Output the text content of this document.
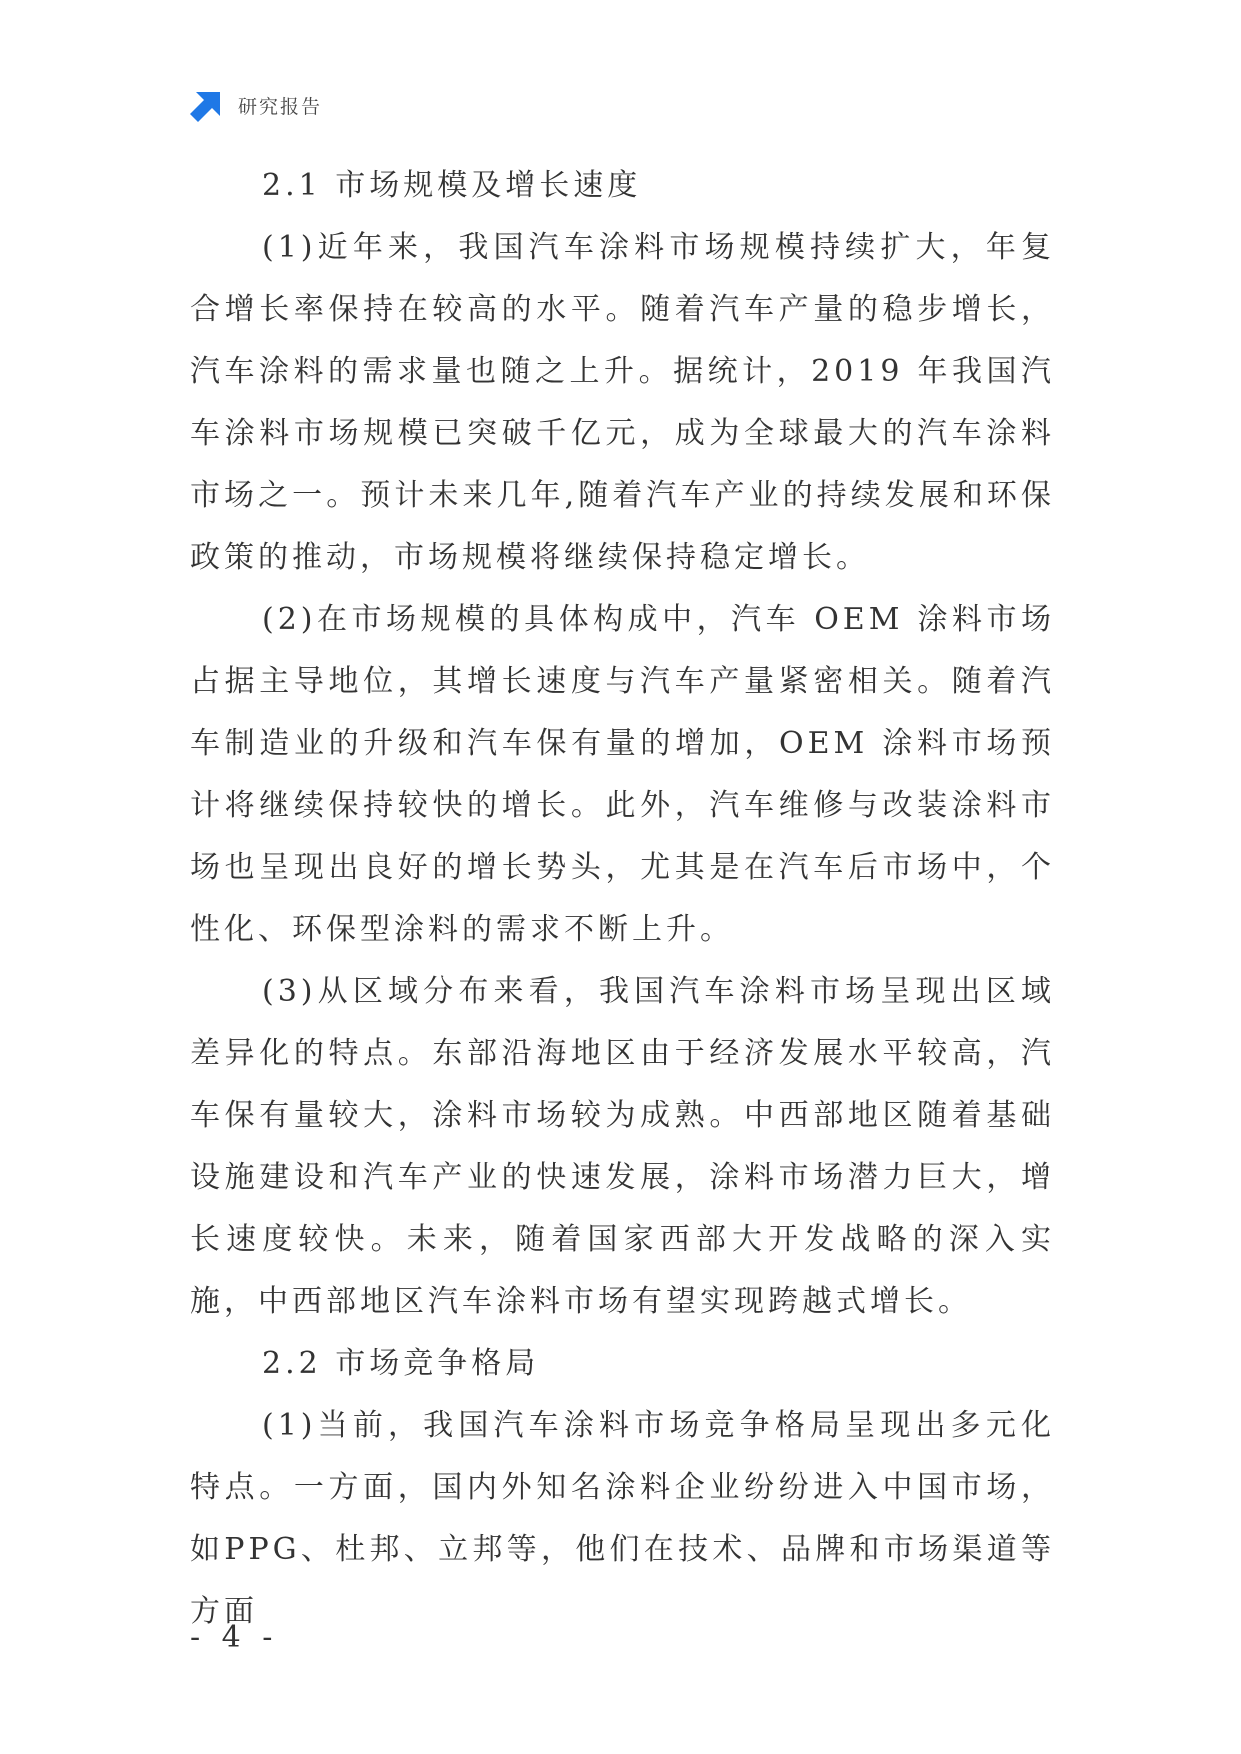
研究报告
2.1 市场规模及增长速度

(1)近年来，我国汽车涂料市场规模持续扩大，年复合增长率保持在较高的水平。随着汽车产量的稳步增长，汽车涂料的需求量也随之上升。据统计，2019 年我国汽车涂料市场规模已突破千亿元，成为全球最大的汽车涂料市场之一。预计未来几年,随着汽车产业的持续发展和环保政策的推动，市场规模将继续保持稳定增长。

(2)在市场规模的具体构成中，汽车 OEM 涂料市场占据主导地位，其增长速度与汽车产量紧密相关。随着汽车制造业的升级和汽车保有量的增加，OEM 涂料市场预计将继续保持较快的增长。此外，汽车维修与改装涂料市场也呈现出良好的增长势头，尤其是在汽车后市场中，个性化、环保型涂料的需求不断上升。

(3)从区域分布来看，我国汽车涂料市场呈现出区域差异化的特点。东部沿海地区由于经济发展水平较高，汽车保有量较大，涂料市场较为成熟。中西部地区随着基础设施建设和汽车产业的快速发展，涂料市场潜力巨大，增长速度较快。未来，随着国家西部大开发战略的深入实施，中西部地区汽车涂料市场有望实现跨越式增长。

2.2 市场竞争格局

(1)当前，我国汽车涂料市场竞争格局呈现出多元化特点。一方面，国内外知名涂料企业纷纷进入中国市场，如PPG、杜邦、立邦等，他们在技术、品牌和市场渠道等方面

- 4 -
